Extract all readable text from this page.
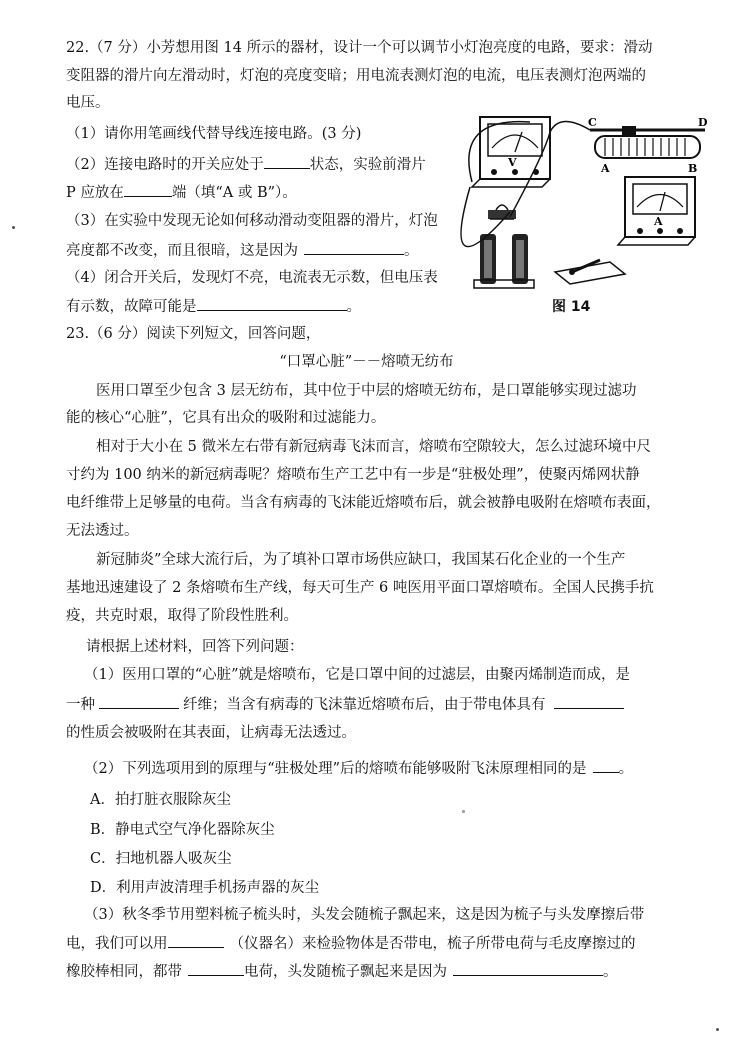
22.（7 分）小芳想用图 14 所示的器材，设计一个可以调节小灯泡亮度的电路，要求：滑动
变阻器的滑片向左滑动时，灯泡的亮度变暗；用电流表测灯泡的电流，电压表测灯泡两端的
电压。
（1）请你用笔画线代替导线连接电路。(3 分)
（2）连接电路时的开关应处于	状态，实验前滑片
P 应放在	端（填“A 或 B”）。
（3）在实验中发现无论如何移动滑动变阻器的滑片，灯泡
亮度都不改变，而且很暗，这是因为	。
（4）闭合开关后，发现灯不亮，电流表无示数，但电压表
有示数，故障可能是	。
V
C	D
A	B
A
图 14
23.（6 分）阅读下列短文，回答问题，
“口罩心脏”－－熔喷无纺布
医用口罩至少包含 3 层无纺布，其中位于中层的熔喷无纺布，是口罩能够实现过滤功
能的核心“心脏”，它具有出众的吸附和过滤能力。
相对于大小在 5 微米左右带有新冠病毒飞沫而言，熔喷布空隙较大，怎么过滤环境中尺
寸约为 100 纳米的新冠病毒呢？熔喷布生产工艺中有一步是“驻极处理”，使聚丙烯网状静
电纤维带上足够量的电荷。当含有病毒的飞沫能近熔喷布后，就会被静电吸附在熔喷布表面，
无法透过。
新冠肺炎”全球大流行后，为了填补口罩市场供应缺口，我国某石化企业的一个生产
基地迅速建设了 2 条熔喷布生产线，每天可生产 6 吨医用平面口罩熔喷布。全国人民携手抗
疫，共克时艰，取得了阶段性胜利。
请根据上述材料，回答下列问题：
（1）医用口罩的“心脏”就是熔喷布，它是口罩中间的过滤层，由聚丙烯制造而成，是
一种	纤维；当含有病毒的飞沫靠近熔喷布后，由于带电体具有
的性质会被吸附在其表面，让病毒无法透过。
（2）下列选项用到的原理与“驻极处理”后的熔喷布能够吸附飞沫原理相同的是 。
A．拍打脏衣服除灰尘
B．静电式空气净化器除灰尘
C．扫地机器人吸灰尘
D．利用声波清理手机扬声器的灰尘
（3）秋冬季节用塑料梳子梳头时，头发会随梳子飘起来，这是因为梳子与头发摩擦后带
电，我们可以用	（仪器名）来检验物体是否带电，梳子所带电荷与毛皮摩擦过的
橡胶棒相同，都带	电荷，头发随梳子飘起来是因为	。
